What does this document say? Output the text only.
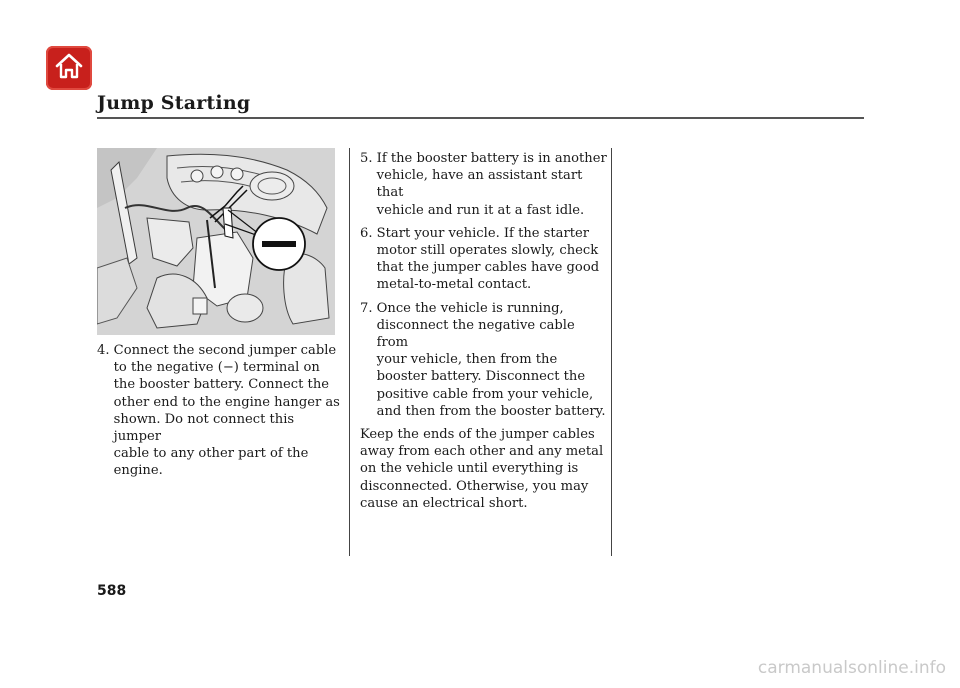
Jump Starting
4.
Connect the second jumper cable
to the negative (−) terminal on
the booster battery. Connect the
other end to the engine hanger as
shown. Do not connect this jumper
cable to any other part of the
engine.
5.
If the booster battery is in another
vehicle, have an assistant start that
vehicle and run it at a fast idle.
6.
Start your vehicle. If the starter
motor still operates slowly, check
that the jumper cables have good
metal-to-metal contact.
7.
Once the vehicle is running,
disconnect the negative cable from
your vehicle, then from the
booster battery. Disconnect the
positive cable from your vehicle,
and then from the booster battery.
Keep the ends of the jumper cables
away from each other and any metal
on the vehicle until everything is
disconnected. Otherwise, you may
cause an electrical short.
588
carmanualsonline.info
